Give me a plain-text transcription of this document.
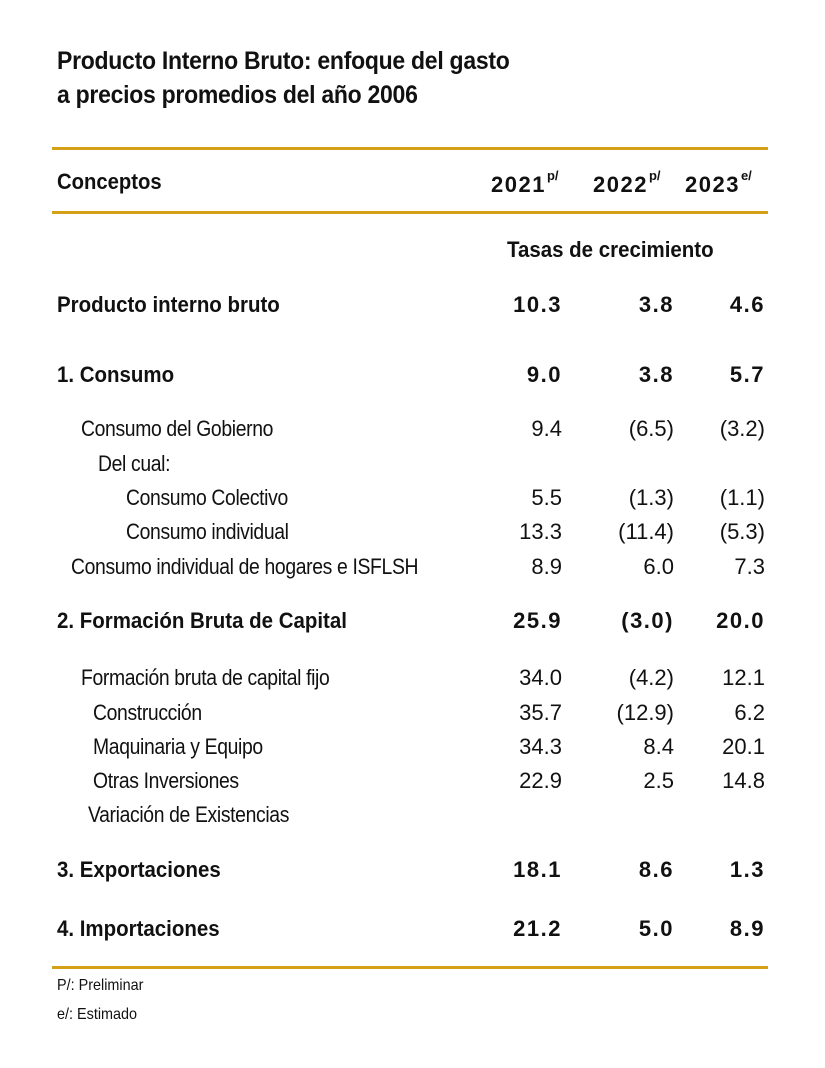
Producto Interno Bruto: enfoque del gasto
a precios promedios del año 2006
Conceptos	$2021^{p/}$ $2022^{p/}$ $2023^{e/}$
Tasas de crecimiento
Producto interno bruto	10.3	3.8	4.6
1. Consumo	9.0	3.8	5.7
Consumo del Gobierno	9.4	(6.5)	(3.2)
Del cual:
Consumo Colectivo	5.5	(1.3)	(1.1)
Consumo individual	13.3	(11.4)	(5.3)
Consumo individual de hogares e ISFLSH	8.9	6.0	7.3
2. Formación Bruta de Capital	25.9	(3.0)	20.0
Formación bruta de capital fijo	34.0	(4.2)	12.1
Construcción	35.7	(12.9)	6.2
Maquinaria y Equipo	34.3	8.4	20.1
Otras Inversiones	22.9	2.5	14.8
Variación de Existencias
3. Exportaciones	18.1	8.6	1.3
4. Importaciones	21.2	5.0	8.9
P/: Preliminar
e/: Estimado
